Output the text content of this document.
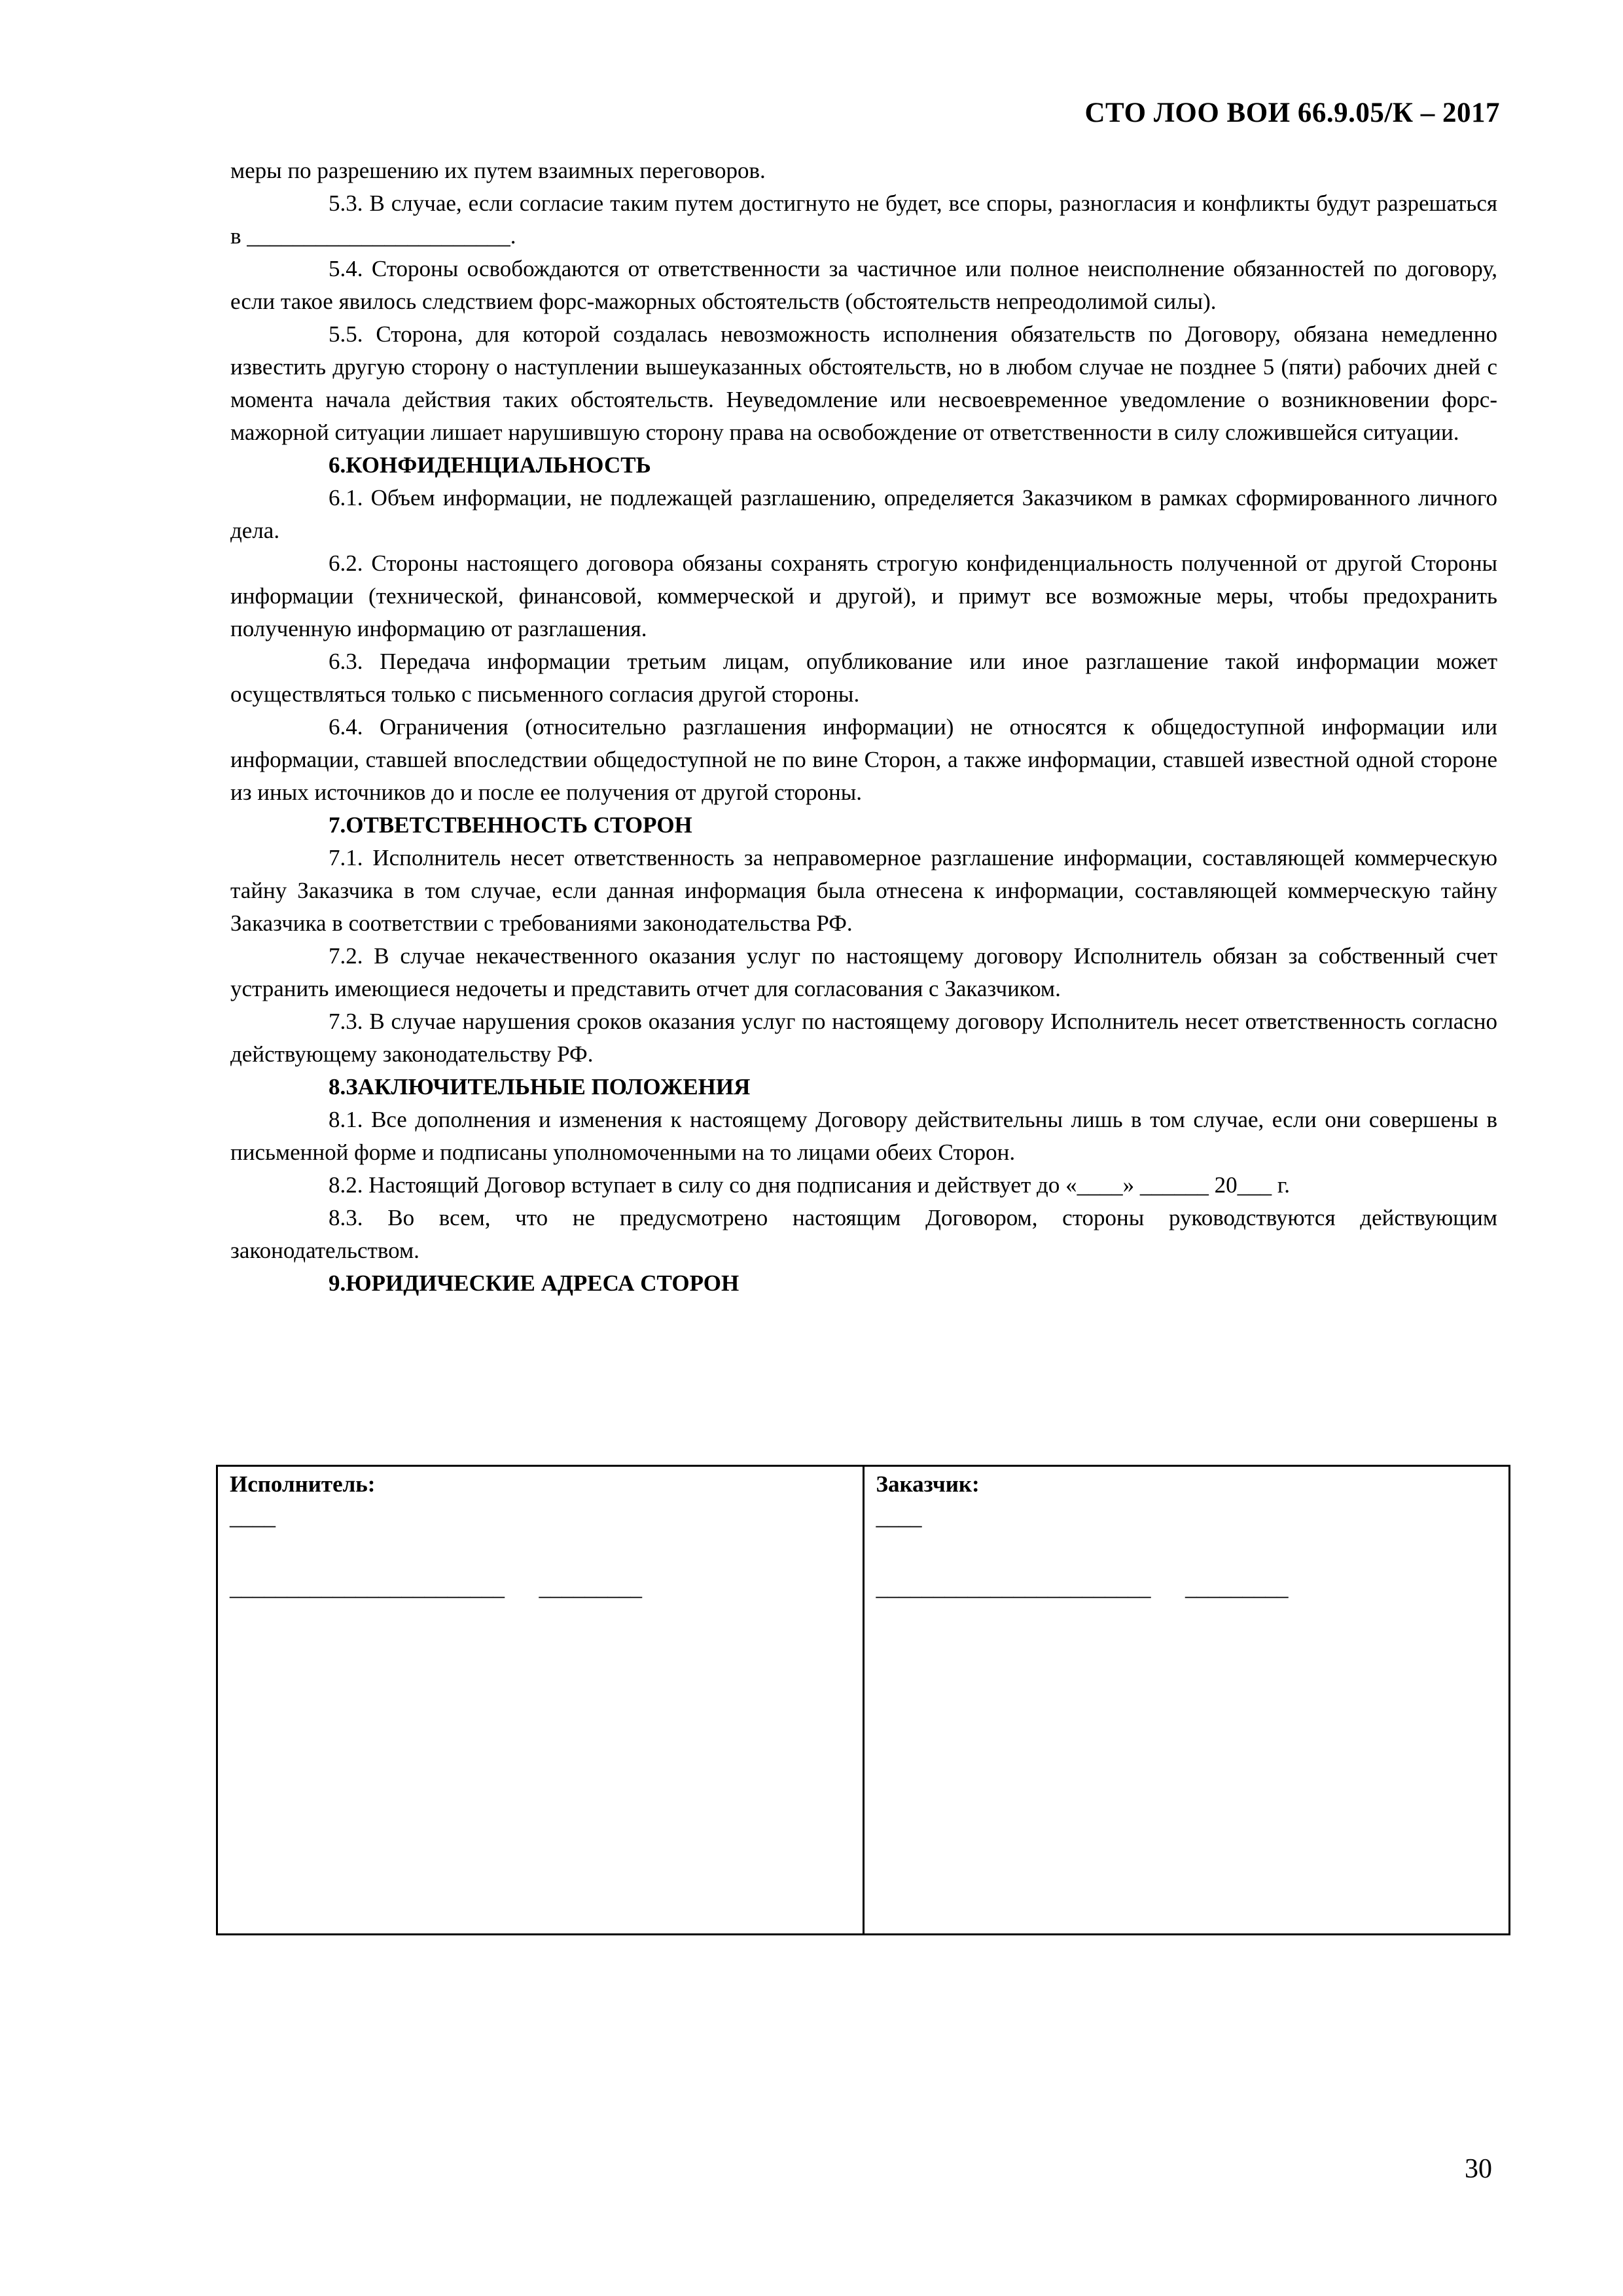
СТО ЛОО ВОИ 66.9.05/К – 2017

меры по разрешению их путем взаимных переговоров.

5.3. В случае, если согласие таким путем достигнуто не будет, все споры, разногласия и конфликты будут разрешаться в _______________________.

5.4. Стороны освобождаются от ответственности за частичное или полное неисполнение обязанностей по договору, если такое явилось следствием форс-мажорных обстоятельств (обстоятельств непреодолимой силы).

5.5. Сторона, для которой создалась невозможность исполнения обязательств по Договору, обязана немедленно известить другую сторону о наступлении вышеуказанных обстоятельств, но в любом случае не позднее 5 (пяти) рабочих дней с момента начала действия таких обстоятельств. Неуведомление или несвоевременное уведомление о возникновении форс-мажорной ситуации лишает нарушившую сторону права на освобождение от ответственности в силу сложившейся ситуации.

6.КОНФИДЕНЦИАЛЬНОСТЬ

6.1. Объем информации, не подлежащей разглашению, определяется Заказчиком в рамках сформированного личного дела.

6.2. Стороны настоящего договора обязаны сохранять строгую конфиденциальность полученной от другой Стороны информации (технической, финансовой, коммерческой и другой), и примут все возможные меры, чтобы предохранить полученную информацию от разглашения.

6.3. Передача информации третьим лицам, опубликование или иное разглашение такой информации может осуществляться только с письменного согласия другой стороны.

6.4. Ограничения (относительно разглашения информации) не относятся к общедоступной информации или информации, ставшей впоследствии общедоступной не по вине Сторон, а также информации, ставшей известной одной стороне из иных источников до и после ее получения от другой стороны.

7.ОТВЕТСТВЕННОСТЬ СТОРОН

7.1. Исполнитель несет ответственность за неправомерное разглашение информации, составляющей коммерческую тайну Заказчика в том случае, если данная информация была отнесена к информации, составляющей коммерческую тайну Заказчика в соответствии с требованиями законодательства РФ.

7.2. В случае некачественного оказания услуг по настоящему договору Исполнитель обязан за собственный счет устранить имеющиеся недочеты и представить отчет для согласования с Заказчиком.

7.3. В случае нарушения сроков оказания услуг по настоящему договору Исполнитель несет ответственность согласно действующему законодательству РФ.

8.ЗАКЛЮЧИТЕЛЬНЫЕ ПОЛОЖЕНИЯ

8.1. Все дополнения и изменения к настоящему Договору действительны лишь в том случае, если они совершены в письменной форме и подписаны уполномоченными на то лицами обеих Сторон.

8.2. Настоящий Договор вступает в силу со дня подписания и действует до «____» ______ 20___ г.

8.3. Во всем, что не предусмотрено настоящим Договором, стороны руководствуются действующим законодательством.

9.ЮРИДИЧЕСКИЕ АДРЕСА СТОРОН

Исполнитель:
____
________________________      _________
Заказчик:
____
________________________      _________
30
